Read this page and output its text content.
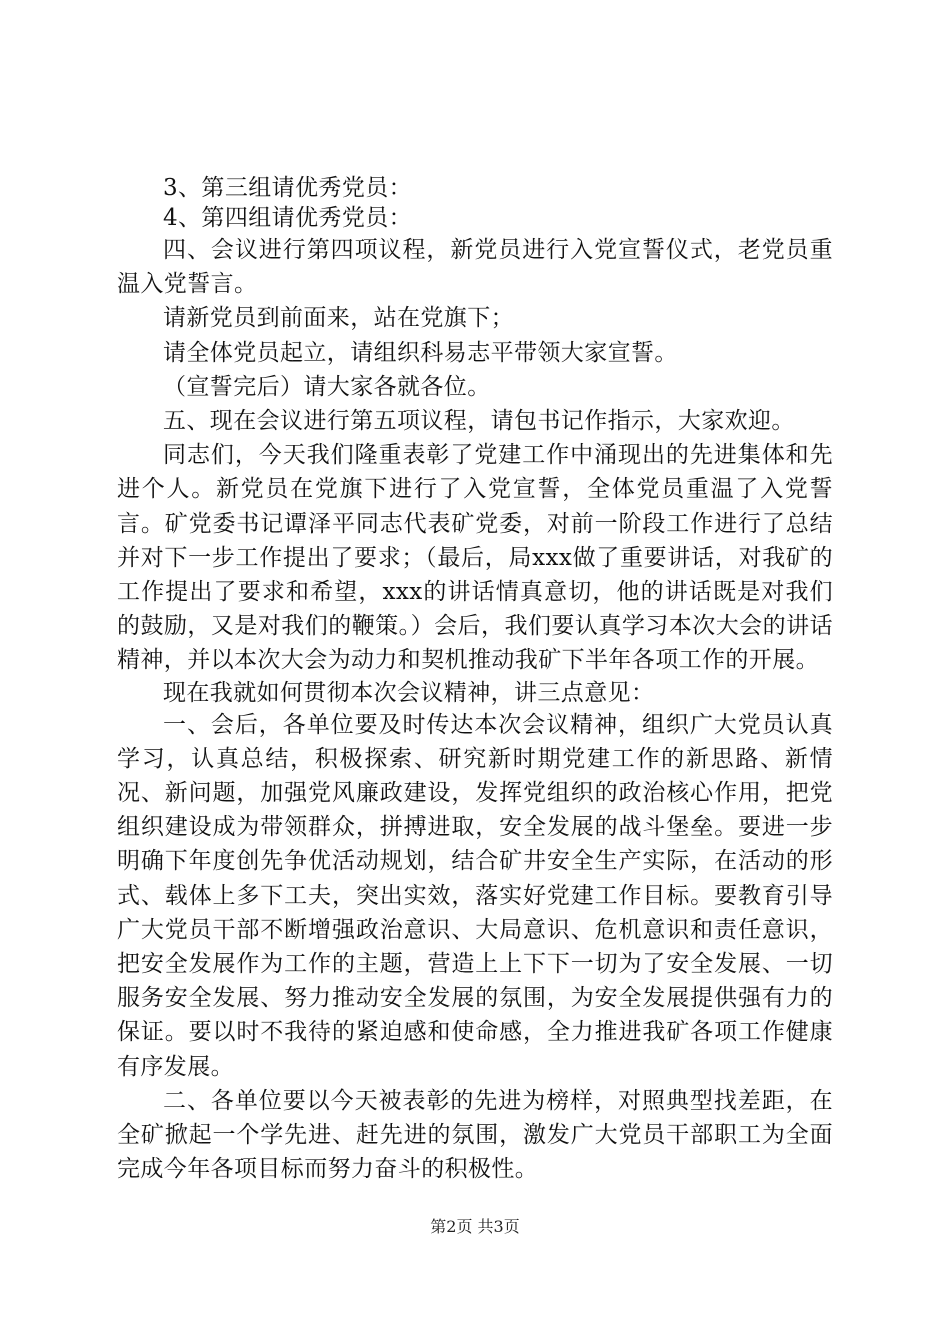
3、第三组请优秀党员：

4、第四组请优秀党员：

四、会议进行第四项议程，新党员进行入党宣誓仪式，老党员重温入党誓言。

请新党员到前面来，站在党旗下；

请全体党员起立，请组织科易志平带领大家宣誓。

（宣誓完后）请大家各就各位。

五、现在会议进行第五项议程，请包书记作指示，大家欢迎。

同志们，今天我们隆重表彰了党建工作中涌现出的先进集体和先进个人。新党员在党旗下进行了入党宣誓，全体党员重温了入党誓言。矿党委书记谭泽平同志代表矿党委，对前一阶段工作进行了总结并对下一步工作提出了要求；（最后，局xxx做了重要讲话，对我矿的工作提出了要求和希望，xxx的讲话情真意切，他的讲话既是对我们的鼓励，又是对我们的鞭策。）会后，我们要认真学习本次大会的讲话精神，并以本次大会为动力和契机推动我矿下半年各项工作的开展。

现在我就如何贯彻本次会议精神，讲三点意见：

一、会后，各单位要及时传达本次会议精神，组织广大党员认真学习，认真总结，积极探索、研究新时期党建工作的新思路、新情况、新问题，加强党风廉政建设，发挥党组织的政治核心作用，把党组织建设成为带领群众，拼搏进取，安全发展的战斗堡垒。要进一步明确下年度创先争优活动规划，结合矿井安全生产实际，在活动的形式、载体上多下工夫，突出实效，落实好党建工作目标。要教育引导广大党员干部不断增强政治意识、大局意识、危机意识和责任意识，把安全发展作为工作的主题，营造上上下下一切为了安全发展、一切服务安全发展、努力推动安全发展的氛围，为安全发展提供强有力的保证。要以时不我待的紧迫感和使命感，全力推进我矿各项工作健康有序发展。

二、各单位要以今天被表彰的先进为榜样，对照典型找差距，在全矿掀起一个学先进、赶先进的氛围，激发广大党员干部职工为全面完成今年各项目标而努力奋斗的积极性。

第2页 共3页
